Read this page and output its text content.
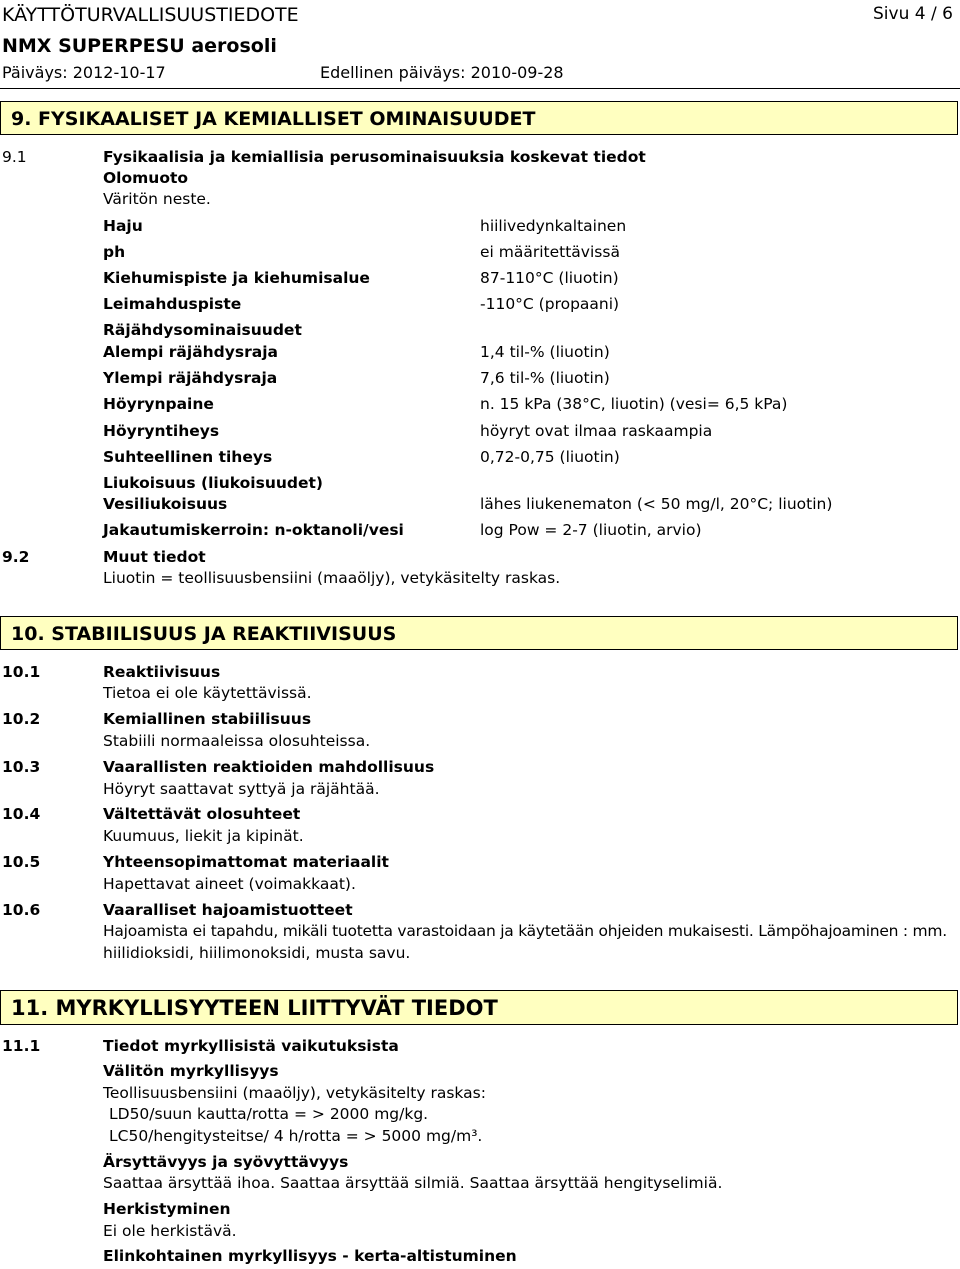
KÄYTTÖTURVALLISUUSTIEDOTE	Sivu 4 / 6
NMX SUPERPESU aerosoli
Päiväys: 2012-10-17	Edellinen päiväys: 2010-09-28
9. FYSIKAALISET JA KEMIALLISET OMINAISUUDET
9.1	Fysikaalisia ja kemiallisia perusominaisuuksia koskevat tiedot
Olomuoto
Väritön neste.
Haju	hiilivedynkaltainen
ph	ei määritettävissä
Kiehumispiste ja kiehumisalue	87-110°C (liuotin)
Leimahduspiste	-110°C (propaani)
Räjähdysominaisuudet
Alempi räjähdysraja	1,4 til-% (liuotin)
Ylempi räjähdysraja	7,6 til-% (liuotin)
Höyrynpaine	n. 15 kPa (38°C, liuotin) (vesi= 6,5 kPa)
Höyryntiheys	höyryt ovat ilmaa raskaampia
Suhteellinen tiheys	0,72-0,75 (liuotin)
Liukoisuus (liukoisuudet)
Vesiliukoisuus	lähes liukenematon (< 50 mg/l, 20°C; liuotin)
Jakautumiskerroin: n-oktanoli/vesi	log Pow = 2-7 (liuotin, arvio)
9.2	Muut tiedot
Liuotin = teollisuusbensiini (maaöljy), vetykäsitelty raskas.
10. STABIILISUUS JA REAKTIIVISUUS
10.1	Reaktiivisuus
Tietoa ei ole käytettävissä.
10.2	Kemiallinen stabiilisuus
Stabiili normaaleissa olosuhteissa.
10.3	Vaarallisten reaktioiden mahdollisuus
Höyryt saattavat syttyä ja räjähtää.
10.4	Vältettävät olosuhteet
Kuumuus, liekit ja kipinät.
10.5	Yhteensopimattomat materiaalit
Hapettavat aineet (voimakkaat).
10.6	Vaaralliset hajoamistuotteet
Hajoamista ei tapahdu, mikäli tuotetta varastoidaan ja käytetään ohjeiden mukaisesti. Lämpöhajoaminen : mm.
hiilidioksidi, hiilimonoksidi, musta savu.
11. MYRKYLLISYYTEEN LIITTYVÄT TIEDOT
11.1	Tiedot myrkyllisistä vaikutuksista
Välitön myrkyllisyys
Teollisuusbensiini (maaöljy), vetykäsitelty raskas:
LD50/suun kautta/rotta = > 2000 mg/kg.
LC50/hengitysteitse/ 4 h/rotta = > 5000 mg/m³.
Ärsyttävyys ja syövyttävyys
Saattaa ärsyttää ihoa. Saattaa ärsyttää silmiä. Saattaa ärsyttää hengityselimiä.
Herkistyminen
Ei ole herkistävä.
Elinkohtainen myrkyllisyys - kerta-altistuminen
